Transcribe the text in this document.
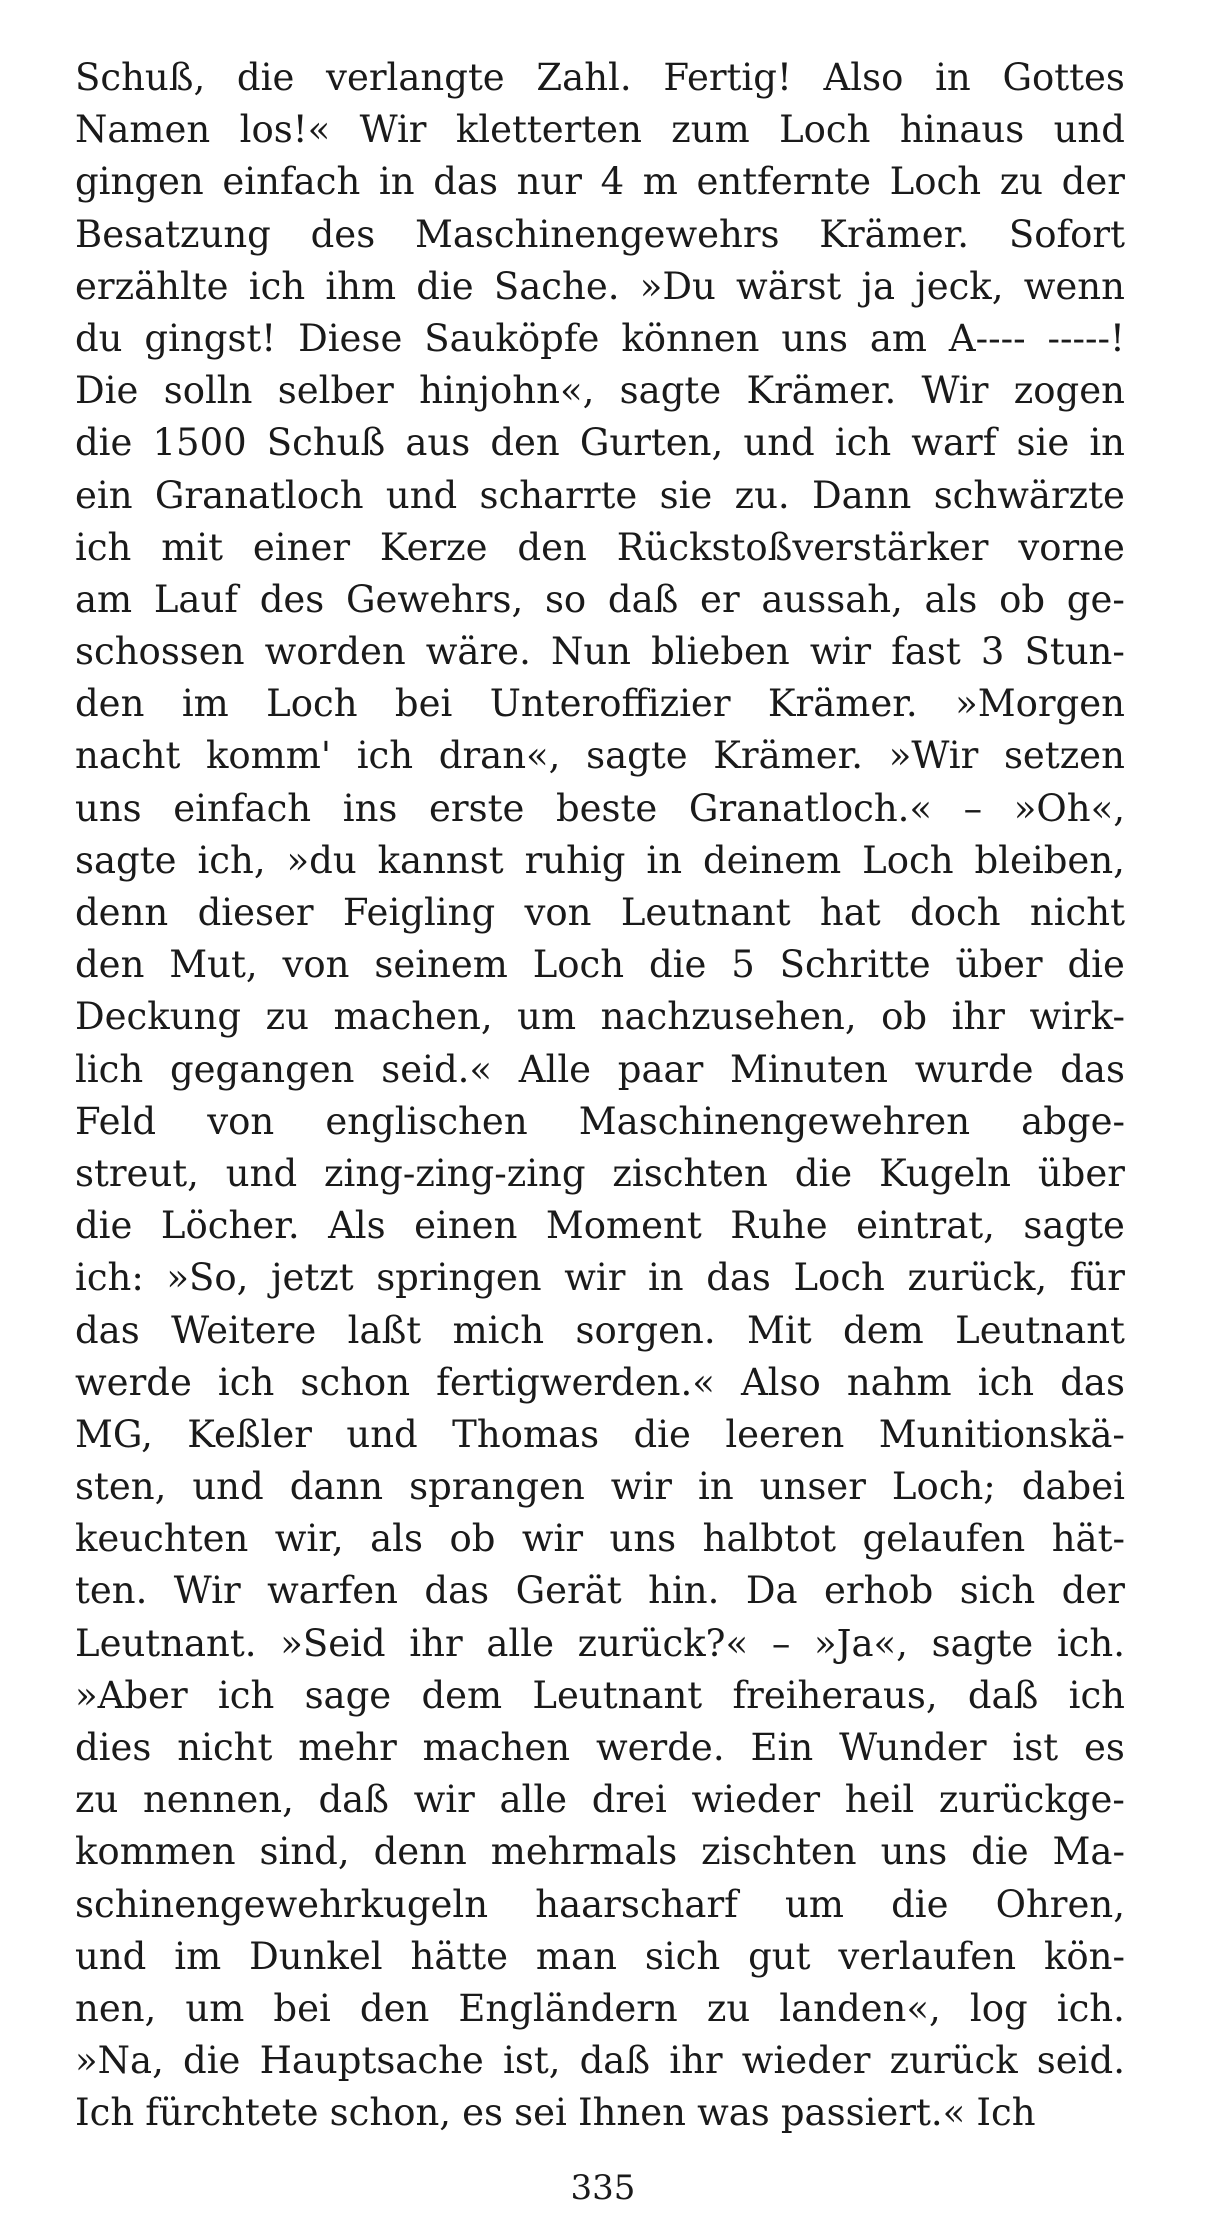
Schuß, die verlangte Zahl. Fertig! Also in Gottes
Namen los!« Wir kletterten zum Loch hinaus und
gingen einfach in das nur 4 m entfernte Loch zu der
Besatzung des Maschinengewehrs Krämer. Sofort
erzählte ich ihm die Sache. »Du wärst ja jeck, wenn
du gingst! Diese Sauköpfe können uns am A---- -----!
Die solln selber hinjohn«, sagte Krämer. Wir zogen
die 1500 Schuß aus den Gurten, und ich warf sie in
ein Granatloch und scharrte sie zu. Dann schwärzte
ich mit einer Kerze den Rückstoßverstärker vorne
am Lauf des Gewehrs, so daß er aussah, als ob ge-
schossen worden wäre. Nun blieben wir fast 3 Stun-
den im Loch bei Unteroffizier Krämer. »Morgen
nacht komm' ich dran«, sagte Krämer. »Wir setzen
uns einfach ins erste beste Granatloch.« – »Oh«,
sagte ich, »du kannst ruhig in deinem Loch bleiben,
denn dieser Feigling von Leutnant hat doch nicht
den Mut, von seinem Loch die 5 Schritte über die
Deckung zu machen, um nachzusehen, ob ihr wirk-
lich gegangen seid.« Alle paar Minuten wurde das
Feld von englischen Maschinengewehren abge-
streut, und zing-zing-zing zischten die Kugeln über
die Löcher. Als einen Moment Ruhe eintrat, sagte
ich: »So, jetzt springen wir in das Loch zurück, für
das Weitere laßt mich sorgen. Mit dem Leutnant
werde ich schon fertigwerden.« Also nahm ich das
MG, Keßler und Thomas die leeren Munitionskä-
sten, und dann sprangen wir in unser Loch; dabei
keuchten wir, als ob wir uns halbtot gelaufen hät-
ten. Wir warfen das Gerät hin. Da erhob sich der
Leutnant. »Seid ihr alle zurück?« – »Ja«, sagte ich.
»Aber ich sage dem Leutnant freiheraus, daß ich
dies nicht mehr machen werde. Ein Wunder ist es
zu nennen, daß wir alle drei wieder heil zurückge-
kommen sind, denn mehrmals zischten uns die Ma-
schinengewehrkugeln haarscharf um die Ohren,
und im Dunkel hätte man sich gut verlaufen kön-
nen, um bei den Engländern zu landen«, log ich.
»Na, die Hauptsache ist, daß ihr wieder zurück seid.
Ich fürchtete schon, es sei Ihnen was passiert.« Ich
335
